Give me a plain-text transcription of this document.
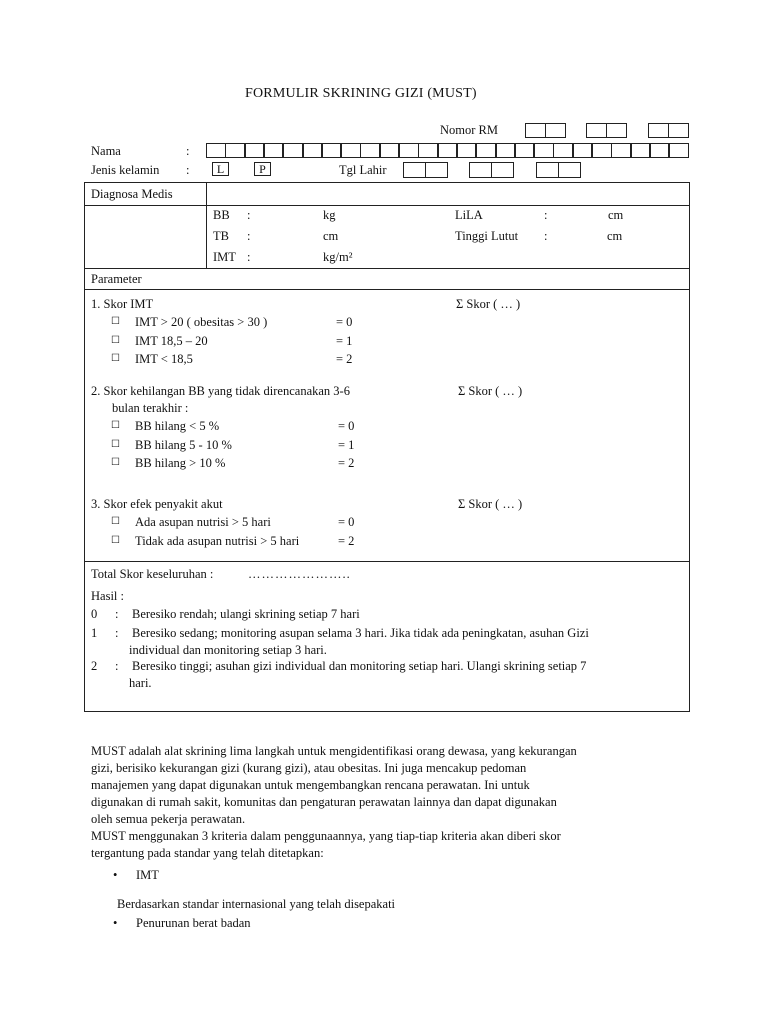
FORMULIR SKRINING GIZI (MUST)
Nomor RM
Nama	:
Jenis kelamin :	L	P	Tgl Lahir
Diagnosa Medis
BB :	kg	LiLA	:	cm
TB :	cm	Tinggi Lutut :	cm
IMT :	kg/m²
Parameter
1. Skor IMT	Σ Skor ( … )
☐ IMT > 20 ( obesitas > 30 )	= 0
☐ IMT 18,5 – 20	= 1
☐ IMT < 18,5	= 2
2. Skor kehilangan BB yang tidak direncanakan 3-6
bulan terakhir :
Σ Skor ( … )
☐ BB hilang < 5 %	= 0
☐ BB hilang 5 - 10 %	= 1
☐ BB hilang > 10 %	= 2
3. Skor efek penyakit akut	Σ Skor ( … )
☐ Ada asupan nutrisi > 5 hari	= 0
☐ Tidak ada asupan nutrisi > 5 hari	= 2
Total Skor keseluruhan :	…………………..
Hasil :
0 : Beresiko rendah; ulangi skrining setiap 7 hari
1 : Beresiko sedang; monitoring asupan selama 3 hari. Jika tidak ada peningkatan, asuhan Gizi
individual dan monitoring setiap 3 hari.
2 : Beresiko tinggi; asuhan gizi individual dan monitoring setiap hari. Ulangi skrining setiap 7
hari.
MUST adalah alat skrining lima langkah untuk mengidentifikasi orang dewasa, yang kekurangan
gizi, berisiko kekurangan gizi (kurang gizi), atau obesitas. Ini juga mencakup pedoman
manajemen yang dapat digunakan untuk mengembangkan rencana perawatan. Ini untuk
digunakan di rumah sakit, komunitas dan pengaturan perawatan lainnya dan dapat digunakan
oleh semua pekerja perawatan.
MUST menggunakan 3 kriteria dalam penggunaannya, yang tiap-tiap kriteria akan diberi skor
tergantung pada standar yang telah ditetapkan:
• IMT
Berdasarkan standar internasional yang telah disepakati
• Penurunan berat badan
